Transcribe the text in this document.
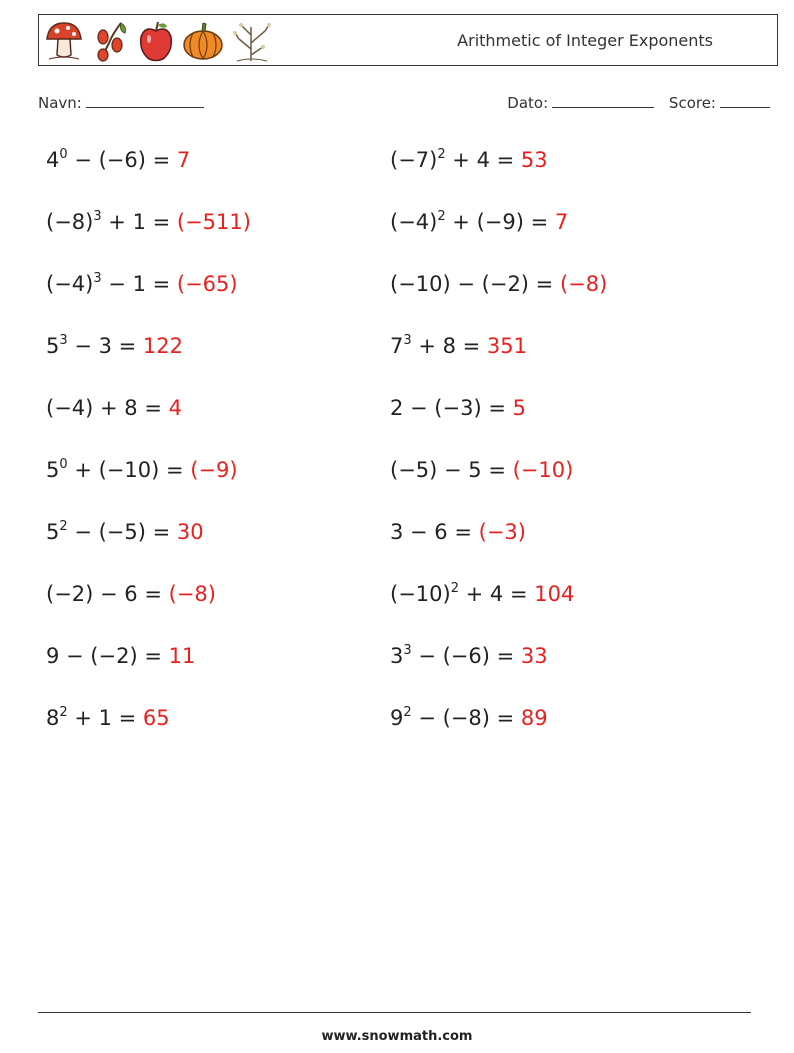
Arithmetic of Integer Exponents
Navn:	Dato:	Score:
$4^0 - (-6) = 7$	$(-7)^2 + 4 = 53$
$(-8)^3 + 1 = (-511)$	$(-4)^2 + (-9) = 7$
$(-4)^3 - 1 = (-65)$	(−10) − (−2) = (−8)
$5^3 - 3 = 122$	$7^3 + 8 = 351$
(−4) + 8 = 4	2 − (−3) = 5
$5^0 + (-10) = (-9)$	(−5) − 5 = (−10)
$5^2 - (-5) = 30$	3 − 6 = (−3)
(−2) − 6 = (−8)	$(-10)^2 + 4 = 104$
9 − (−2) = 11	$3^3 - (-6) = 33$
$8^2 + 1 = 65$	$9^2 - (-8) = 89$
www.snowmath.com
